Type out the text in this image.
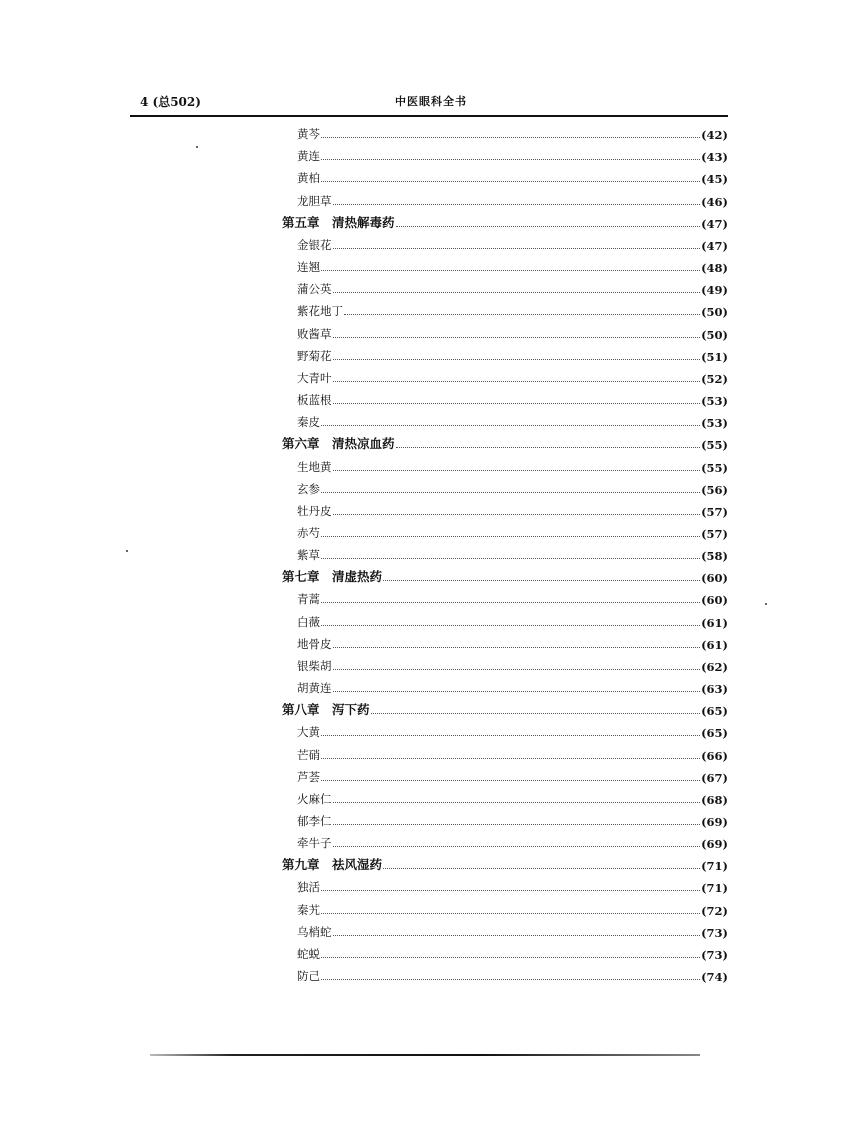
4 (总502)	中医眼科全书
黄芩	(42)
黄连	(43)
黄柏	(45)
龙胆草	(46)
第五章　清热解毒药	(47)
金银花	(47)
连翘	(48)
蒲公英	(49)
紫花地丁	(50)
败酱草	(50)
野菊花	(51)
大青叶	(52)
板蓝根	(53)
秦皮	(53)
第六章　清热凉血药	(55)
生地黄	(55)
玄参	(56)
牡丹皮	(57)
赤芍	(57)
紫草	(58)
第七章　清虚热药	(60)
青蒿	(60)
白薇	(61)
地骨皮	(61)
银柴胡	(62)
胡黄连	(63)
第八章　泻下药	(65)
大黄	(65)
芒硝	(66)
芦荟	(67)
火麻仁	(68)
郁李仁	(69)
牵牛子	(69)
第九章　祛风湿药	(71)
独活	(71)
秦艽	(72)
乌梢蛇	(73)
蛇蜕	(73)
防己	(74)
